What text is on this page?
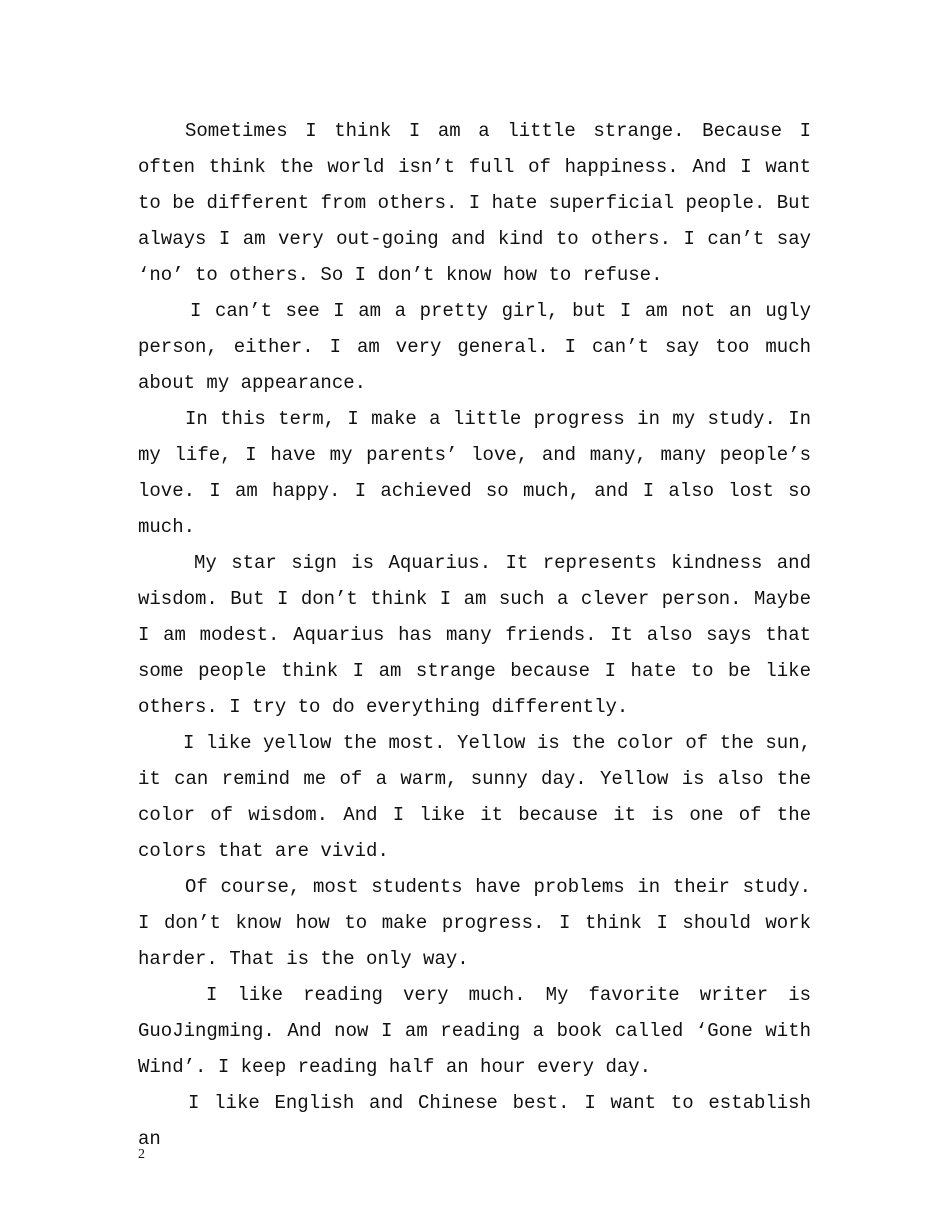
Sometimes I think I am a little strange. Because I often think the world isn’t full of happiness. And I want to be different from others. I hate superficial people. But always I am very out-going and kind to others. I can’t say ‘no’ to others. So I don’t know how to refuse.

I can’t see I am a pretty girl, but I am not an ugly person, either. I am very general. I can’t say too much about my appearance.

In this term, I make a little progress in my study. In my life, I have my parents’ love, and many, many people’s love. I am happy. I achieved so much, and I also lost so much.

My star sign is Aquarius. It represents kindness and wisdom. But I don’t think I am such a clever person. Maybe I am modest. Aquarius has many friends. It also says that some people think I am strange because I hate to be like others. I try to do everything differently.

I like yellow the most. Yellow is the color of the sun, it can remind me of a warm, sunny day. Yellow is also the color of wisdom. And I like it because it is one of the colors that are vivid.

Of course, most students have problems in their study. I don’t know how to make progress. I think I should work harder. That is the only way.

I like reading very much. My favorite writer is GuoJingming. And now I am reading a book called ‘Gone with Wind’. I keep reading half an hour every day.

I like English and Chinese best. I want to establish an

2
